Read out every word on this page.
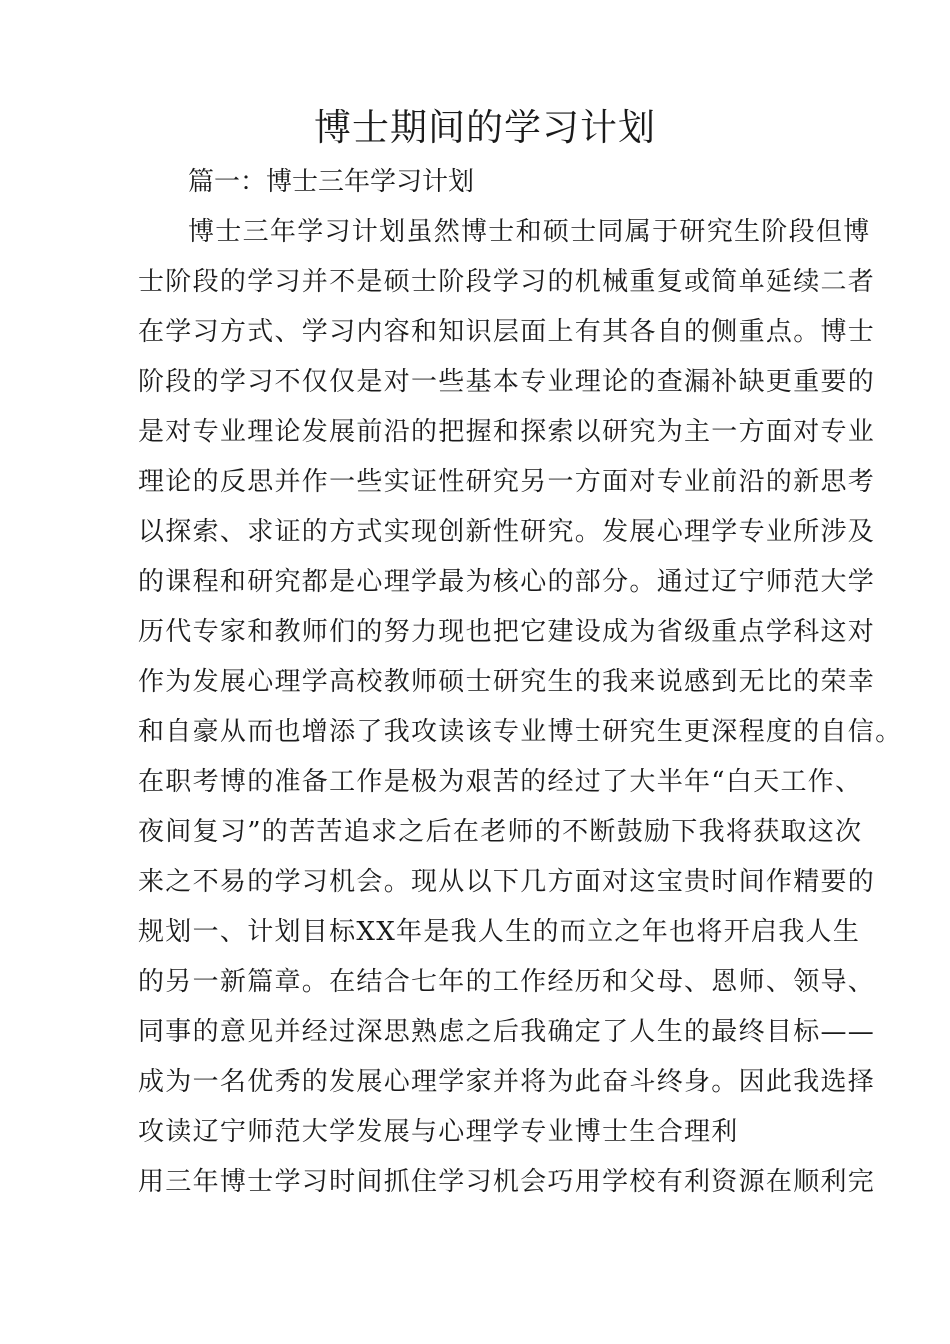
博士期间的学习计划
篇一：博士三年学习计划
博士三年学习计划虽然博士和硕士同属于研究生阶段但博
士阶段的学习并不是硕士阶段学习的机械重复或简单延续二者
在学习方式、学习内容和知识层面上有其各自的侧重点。博士
阶段的学习不仅仅是对一些基本专业理论的查漏补缺更重要的
是对专业理论发展前沿的把握和探索以研究为主一方面对专业
理论的反思并作一些实证性研究另一方面对专业前沿的新思考
以探索、求证的方式实现创新性研究。发展心理学专业所涉及
的课程和研究都是心理学最为核心的部分。通过辽宁师范大学
历代专家和教师们的努力现也把它建设成为省级重点学科这对
作为发展心理学高校教师硕士研究生的我来说感到无比的荣幸
和自豪从而也增添了我攻读该专业博士研究生更深程度的自信。
在职考博的准备工作是极为艰苦的经过了大半年“白天工作、
夜间复习”的苦苦追求之后在老师的不断鼓励下我将获取这次
来之不易的学习机会。现从以下几方面对这宝贵时间作精要的
规划一、计划目标XX年是我人生的而立之年也将开启我人生
的另一新篇章。在结合七年的工作经历和父母、恩师、领导、
同事的意见并经过深思熟虑之后我确定了人生的最终目标——
成为一名优秀的发展心理学家并将为此奋斗终身。因此我选择
攻读辽宁师范大学发展与心理学专业博士生合理利
用三年博士学习时间抓住学习机会巧用学校有利资源在顺利完
